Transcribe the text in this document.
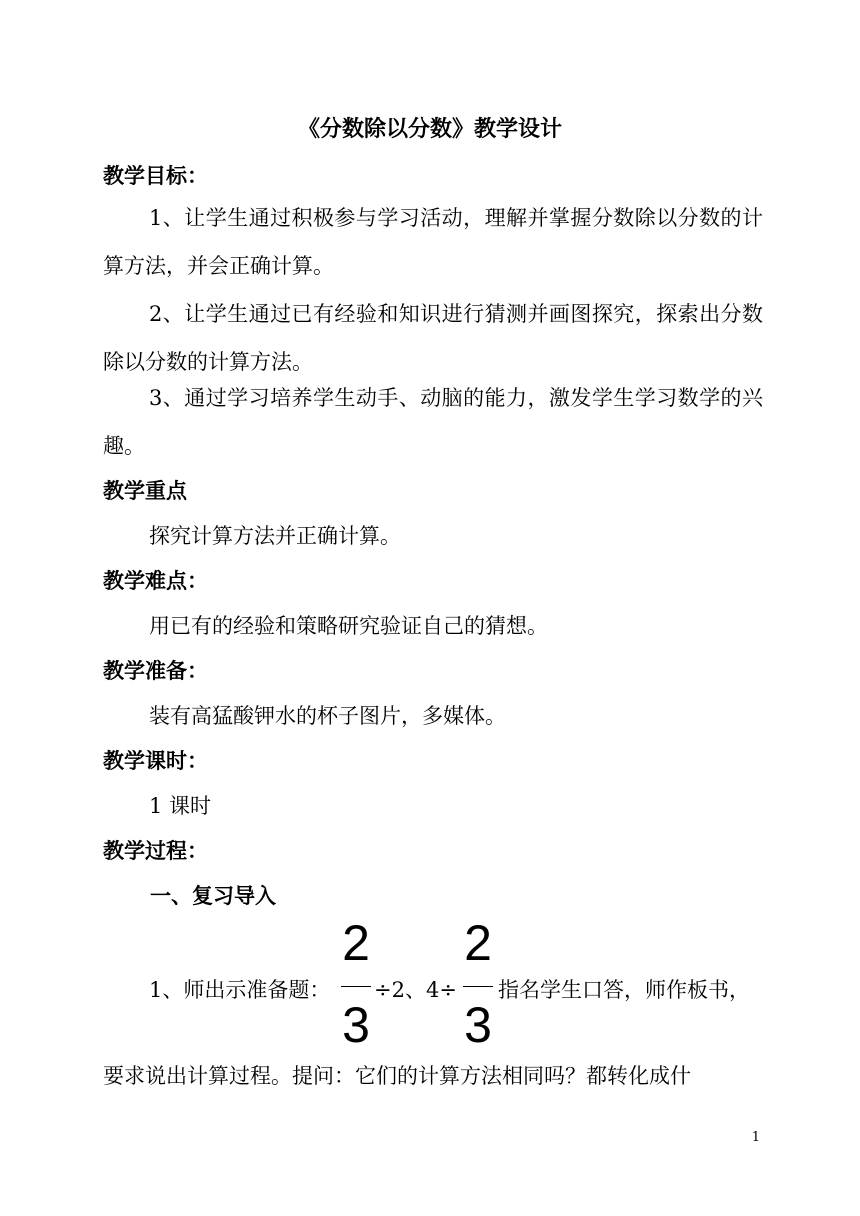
《分数除以分数》教学设计
教学目标：
1、让学生通过积极参与学习活动，理解并掌握分数除以分数的计算方法，并会正确计算。
2、让学生通过已有经验和知识进行猜测并画图探究，探索出分数除以分数的计算方法。
3、通过学习培养学生动手、动脑的能力，激发学生学习数学的兴趣。
教学重点
探究计算方法并正确计算。
教学难点：
用已有的经验和策略研究验证自己的猜想。
教学准备：
装有高猛酸钾水的杯子图片，多媒体。
教学课时：
1 课时
教学过程：
一、复习导入
1、师出示准备题：
2
3
÷2、4÷
2
3
指名学生口答，师作板书，
要求说出计算过程。提问：它们的计算方法相同吗？都转化成什
1
